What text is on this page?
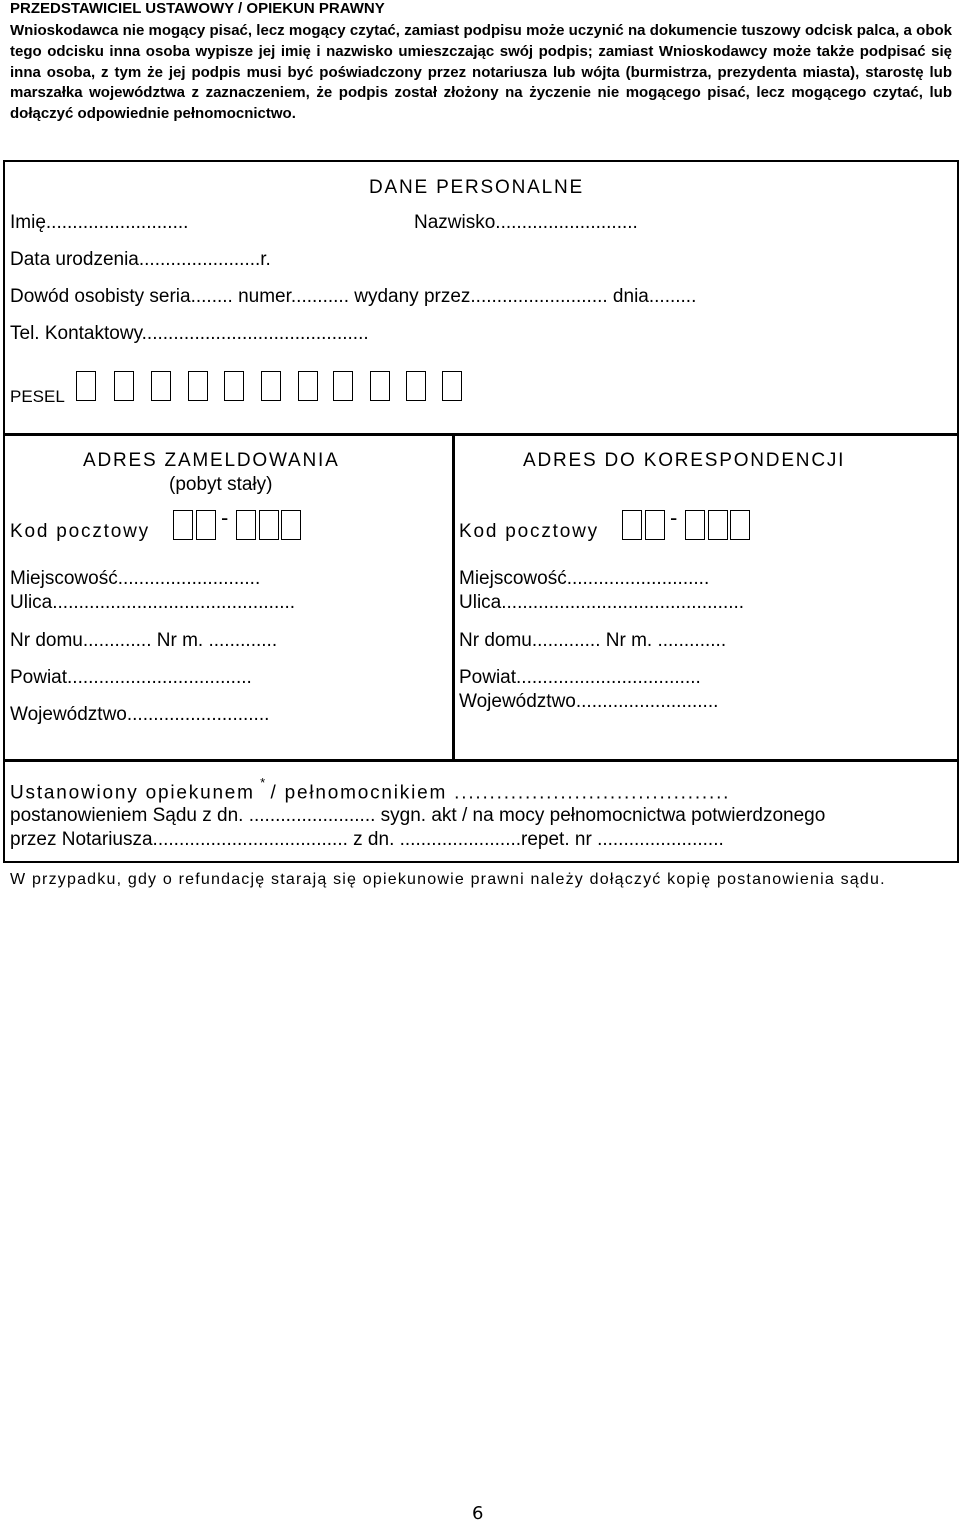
PRZEDSTAWICIEL USTAWOWY / OPIEKUN PRAWNY
Wnioskodawca nie mogący pisać, lecz mogący czytać, zamiast podpisu może uczynić na dokumencie tuszowy odcisk palca, a obok tego odcisku inna osoba wypisze jej imię i nazwisko umieszczając swój podpis; zamiast Wnioskodawcy może także podpisać się inna osoba, z tym że jej podpis musi być poświadczony przez notariusza lub wójta (burmistrza, prezydenta miasta), starostę lub marszałka województwa z zaznaczeniem, że podpis został złożony na życzenie nie mogącego pisać, lecz mogącego czytać, lub dołączyć odpowiednie pełnomocnictwo.
DANE PERSONALNE
Imię...........................	Nazwisko...........................
Data urodzenia.......................r.
Dowód osobisty seria........ numer........... wydany przez.......................... dnia.........
Tel. Kontaktowy...........................................
PESEL
ADRES ZAMELDOWANIA
(pobyt stały)
Kod pocztowy
-
Miejscowość...........................
Ulica..............................................
Nr domu............. Nr m. .............
Powiat...................................
Województwo...........................
ADRES DO KORESPONDENCJI
Kod pocztowy
-
Miejscowość...........................
Ulica..............................................
Nr domu............. Nr m. .............
Powiat...................................
Województwo...........................
Ustanowiony opiekunem * / pełnomocnikiem .......................................
postanowieniem Sądu z dn. ........................ sygn. akt / na mocy pełnomocnictwa potwierdzonego
przez Notariusza..................................... z dn. .......................repet. nr ........................
W przypadku, gdy o refundację starają się opiekunowie prawni należy dołączyć kopię postanowienia sądu.
6
